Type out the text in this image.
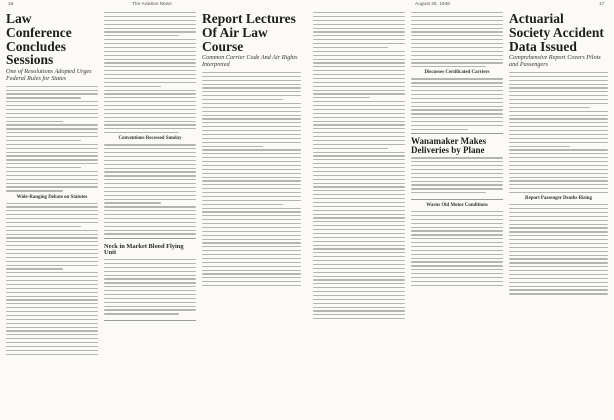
16	The Aviation News
Law Conference Concludes Sessions

One of Resolutions Adopted Urges Federal Rules for States

Wide-Ranging Debate on Statutes
Conventions Recessed Sunday
Neck in Market Blood Flying Unit
Report Lectures Of Air Law Course

Common Carrier Code And Air Rights Interpreted

August 26, 1946	17
Discusses Certificated Carriers
Wanamaker Makes Deliveries by Plane
Warns Old Motor Conditions
Actuarial Society Accident Data Issued

Comprehensive Report Covers Pilots and Passengers

Report Passenger Deaths Rising
